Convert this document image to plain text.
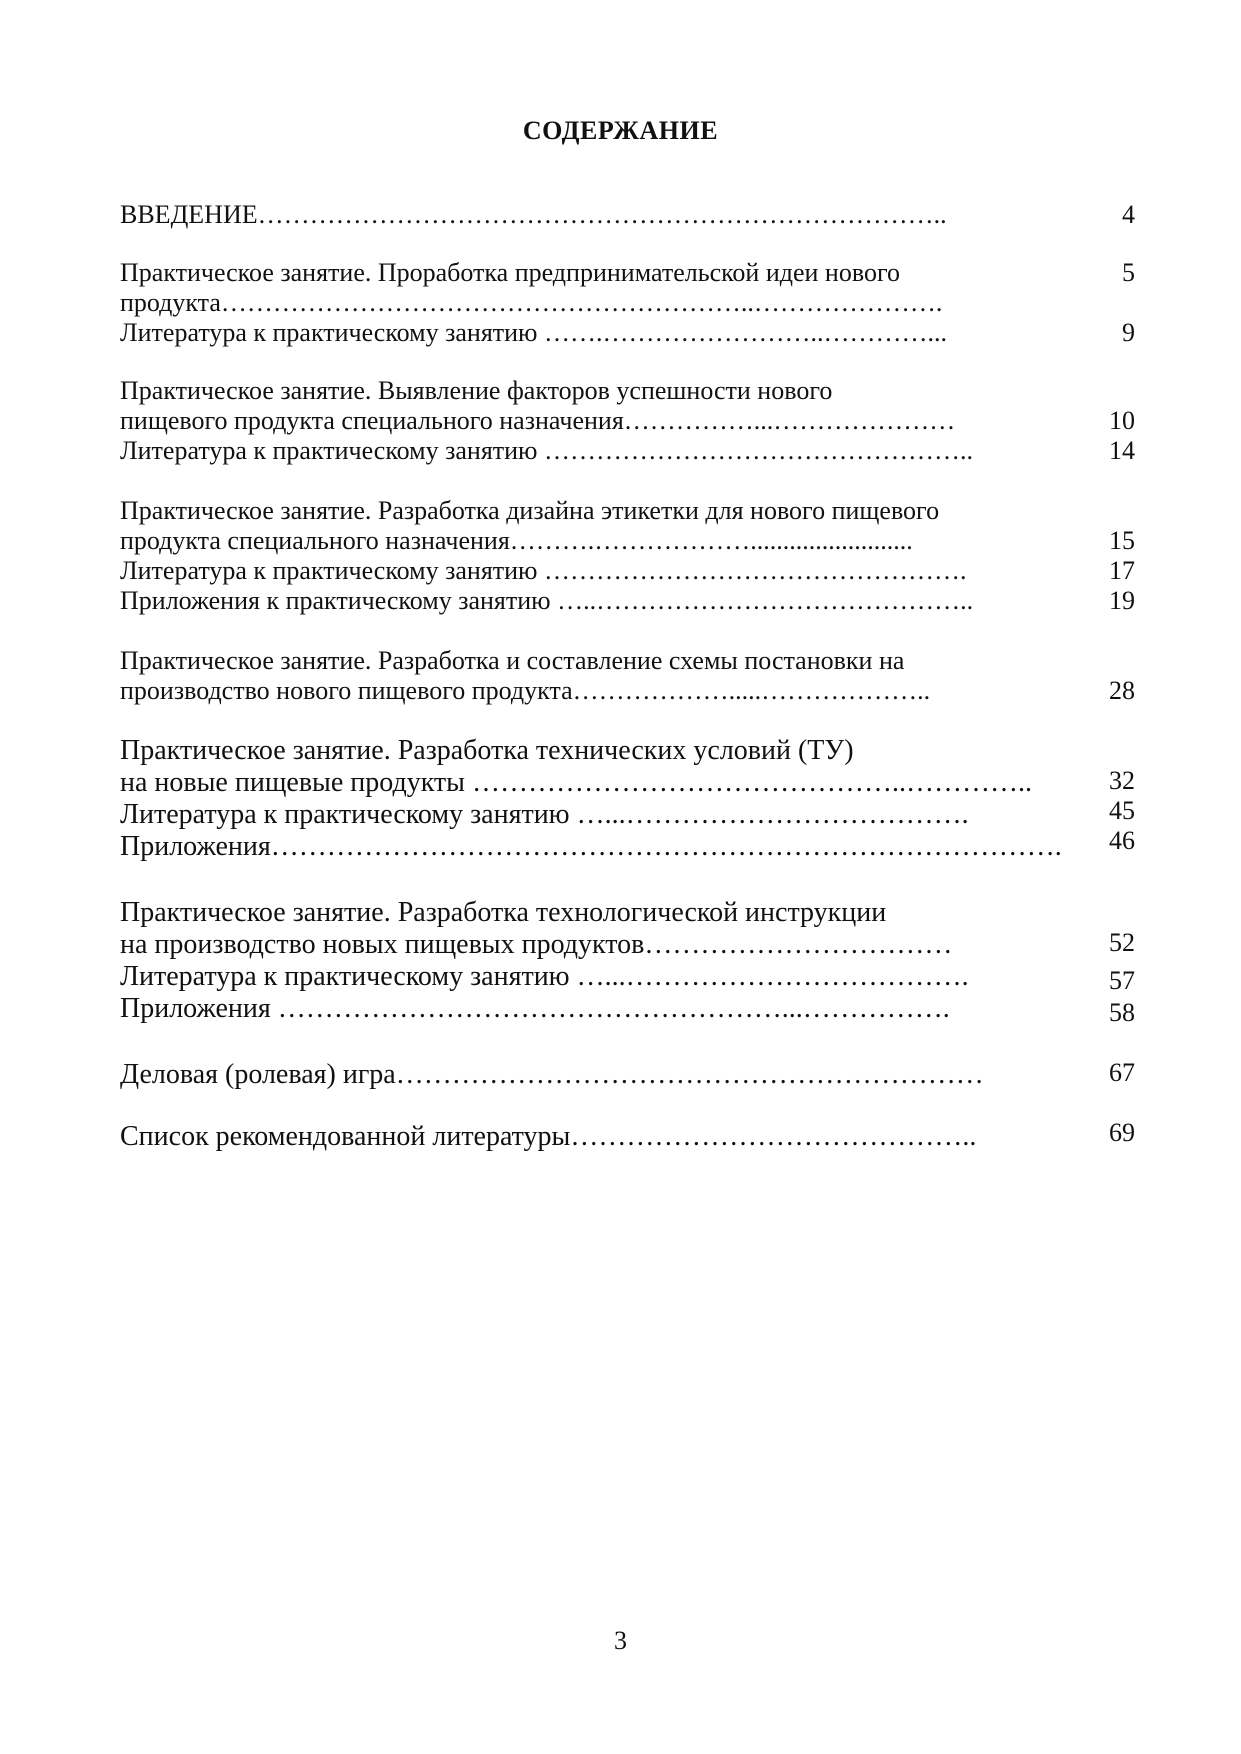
СОДЕРЖАНИЕ
ВВЕДЕНИЕ……………………………………………………………………..	4
Практическое занятие. Проработка предпринимательской идеи нового	5
продукта……………………………………………………..………………….
Литература к практическому занятию …….……………………..…………...	9
Практическое занятие. Выявление факторов успешности нового
пищевого продукта специального назначения……………...…………………	10
Литература к практическому занятию …………………………………………..	14
Практическое занятие. Разработка дизайна этикетки для нового пищевого
продукта специального назначения……….……………….........................	15
Литература к практическому занятию ………………………………………….	17
Приложения к практическому занятию …..……………………………………..	19
Практическое занятие. Разработка и составление схемы постановки на
производство нового пищевого продукта……………….....………………..	28
Практическое занятие. Разработка технических условий (ТУ)
на новые пищевые продукты ………………………………………..…………..	32
Литература к практическому занятию …...……………………………….	45
Приложения………………………………………………………………………….	46
Практическое занятие. Разработка технологической инструкции
на производство новых пищевых продуктов……………………………	52
Литература к практическому занятию …...……………………………….	57
Приложения ………………………………………………...…………….	58
Деловая (ролевая) игра………………………………………………………	67
Список рекомендованной литературы……………………………………..	69
3
